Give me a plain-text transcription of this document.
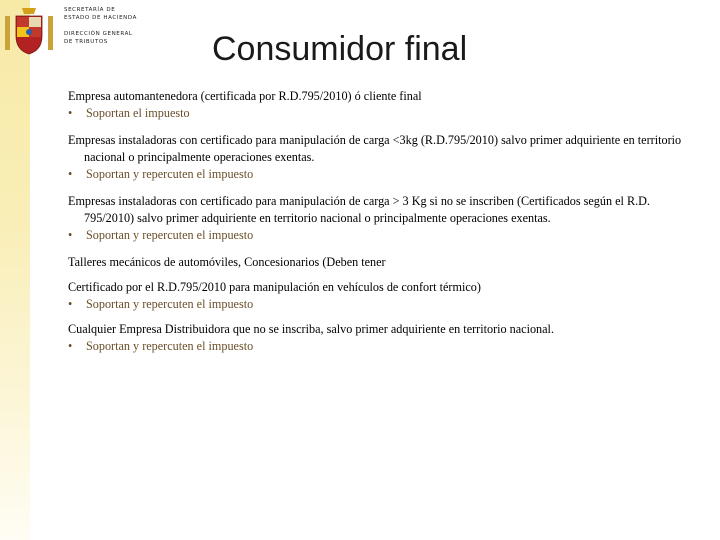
SECRETARÍA DE
ESTADO DE HACIENDA
DIRECCIÓN GENERAL
DE TRIBUTOS	Consumidor final

Empresa automantenedora (certificada por R.D.795/2010) ó cliente final

• Soportan el impuesto

Empresas instaladoras con certificado para manipulación de carga <3kg (R.D.795/2010) salvo primer adquiriente en territorio nacional o principalmente operaciones exentas.

• Soportan y repercuten el impuesto

Empresas instaladoras con certificado para manipulación de carga > 3 Kg si no se inscriben (Certificados según el R.D. 795/2010) salvo primer adquiriente en territorio nacional o principalmente operaciones exentas.

• Soportan y repercuten el impuesto

Talleres mecánicos de automóviles, Concesionarios (Deben tener

Certificado por el R.D.795/2010 para manipulación en vehículos de confort térmico)

• Soportan y repercuten el impuesto

Cualquier Empresa Distribuidora que no se inscriba, salvo primer adquiriente en territorio nacional.

• Soportan y repercuten el impuesto
